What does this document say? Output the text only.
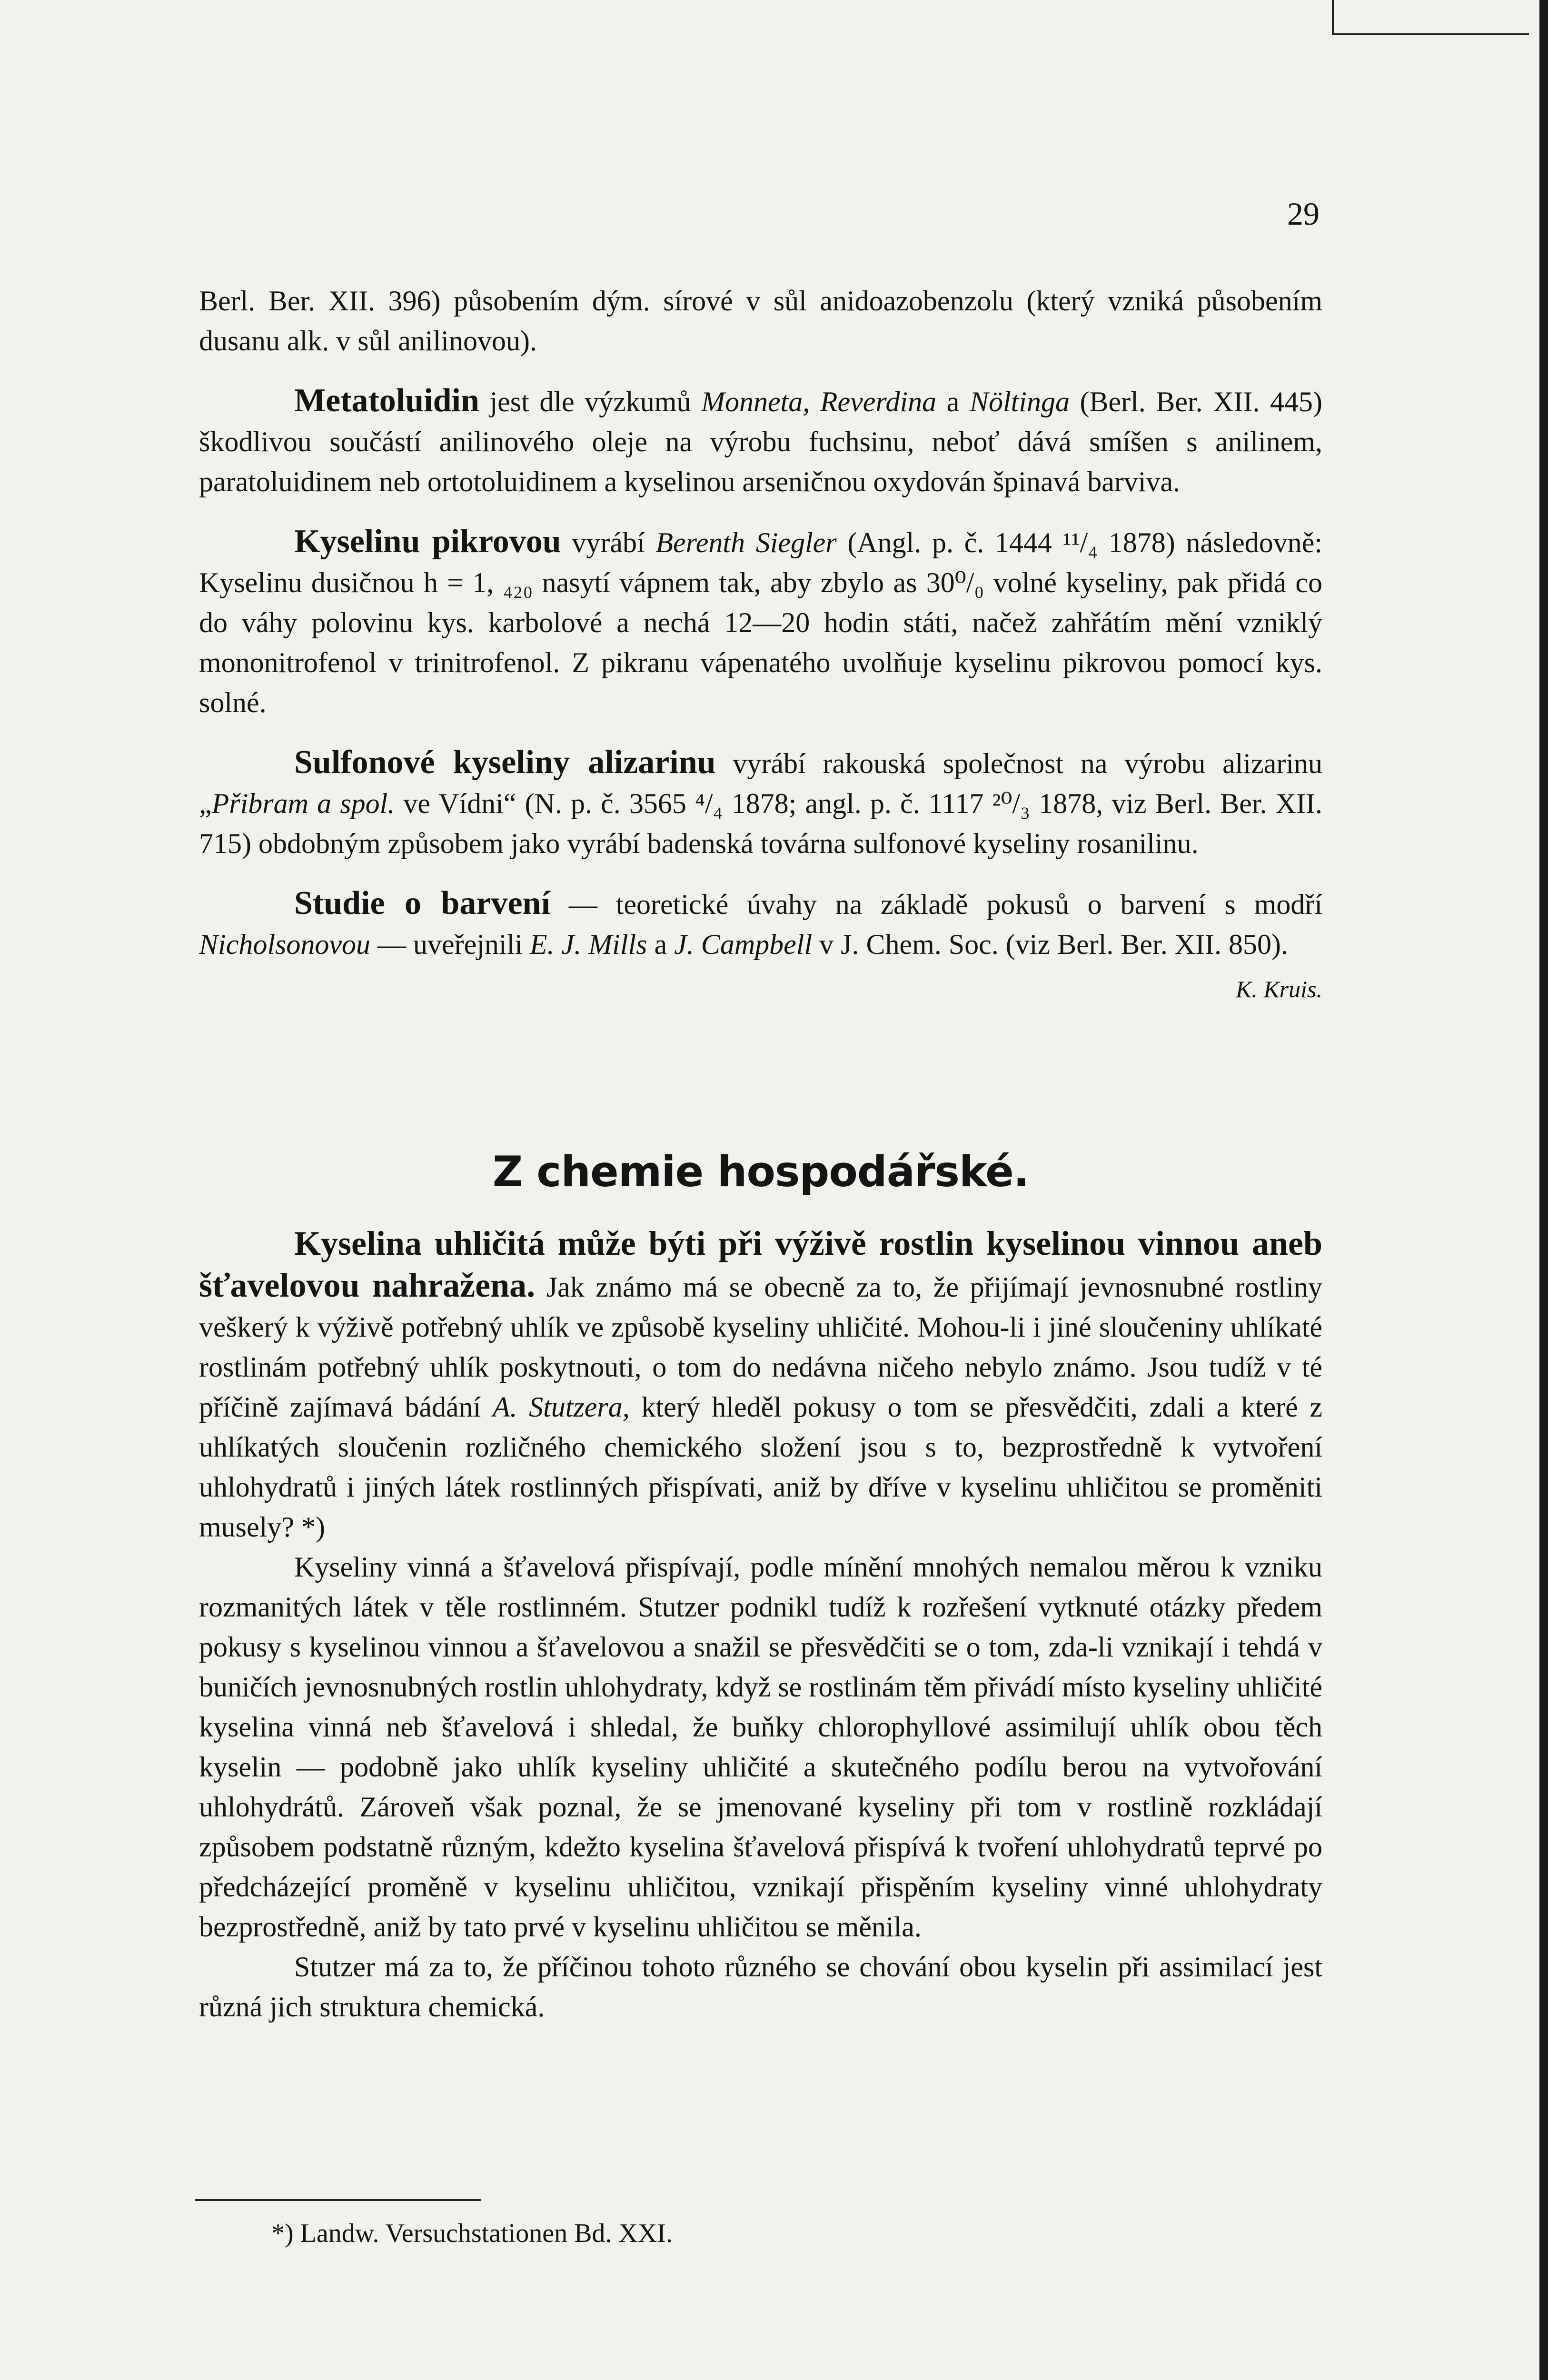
29

Berl. Ber. XII. 396) působením dým. sírové v sůl anidoazobenzolu (který vzniká působením dusanu alk. v sůl anilinovou).

Metatoluidin jest dle výzkumů Monneta, Reverdina a Nöltinga (Berl. Ber. XII. 445) škodlivou součástí anilinového oleje na výrobu fuchsinu, neboť dává smíšen s anilinem, paratoluidinem neb ortotoluidinem a kyselinou arseničnou oxydován špinavá barviva.

Kyselinu pikrovou vyrábí Berenth Siegler (Angl. p. č. 1444 ¹¹/₄ 1878) následovně: Kyselinu dusičnou h = 1, ₄₂₀ nasytí vápnem tak, aby zbylo as 30⁰/₀ volné kyseliny, pak přidá co do váhy polovinu kys. karbolové a nechá 12—20 hodin státi, načež zahřátím mění vzniklý mononitrofenol v trinitrofenol. Z pikranu vápenatého uvolňuje kyselinu pikrovou pomocí kys. solné.

Sulfonové kyseliny alizarinu vyrábí rakouská společnost na výrobu alizarinu „Přibram a spol. ve Vídni“ (N. p. č. 3565 ⁴/₄ 1878; angl. p. č. 1117 ²⁰/₃ 1878, viz Berl. Ber. XII. 715) obdobným způsobem jako vyrábí badenská továrna sulfonové kyseliny rosanilinu.

Studie o barvení — teoretické úvahy na základě pokusů o barvení s modří Nicholsonovou — uveřejnili E. J. Mills a J. Campbell v J. Chem. Soc. (viz Berl. Ber. XII. 850).
K. Kruis.

Z chemie hospodářské.

Kyselina uhličitá může býti při výživě rostlin kyselinou vinnou aneb šťavelovou nahražena. Jak známo má se obecně za to, že přijímají jevnosnubné rostliny veškerý k výživě potřebný uhlík ve způsobě kyseliny uhličité. Mohou-li i jiné sloučeniny uhlíkaté rostlinám potřebný uhlík poskytnouti, o tom do nedávna ničeho nebylo známo. Jsou tudíž v té příčině zajímavá bádání A. Stutzera, který hleděl pokusy o tom se přesvědčiti, zdali a které z uhlíkatých sloučenin rozličného chemického složení jsou s to, bezprostředně k vytvoření uhlohydratů i jiných látek rostlinných přispívati, aniž by dříve v kyselinu uhličitou se proměniti musely? *)

Kyseliny vinná a šťavelová přispívají, podle mínění mnohých nemalou měrou k vzniku rozmanitých látek v těle rostlinném. Stutzer podnikl tudíž k rozřešení vytknuté otázky předem pokusy s kyselinou vinnou a šťavelovou a snažil se přesvědčiti se o tom, zda-li vznikají i tehdá v buničích jevnosnubných rostlin uhlohydraty, když se rostlinám těm přivádí místo kyseliny uhličité kyselina vinná neb šťavelová i shledal, že buňky chlorophyllové assimilují uhlík obou těch kyselin — podobně jako uhlík kyseliny uhličité a skutečného podílu berou na vytvořování uhlohydrátů. Zároveň však poznal, že se jmenované kyseliny při tom v rostlině rozkládají způsobem podstatně různým, kdežto kyselina šťavelová přispívá k tvoření uhlohydratů teprvé po předcházející proměně v kyselinu uhličitou, vznikají přispěním kyseliny vinné uhlohydraty bezprostředně, aniž by tato prvé v kyselinu uhličitou se měnila.

Stutzer má za to, že příčinou tohoto různého se chování obou kyselin při assimilací jest různá jich struktura chemická.

*) Landw. Versuchstationen Bd. XXI.
